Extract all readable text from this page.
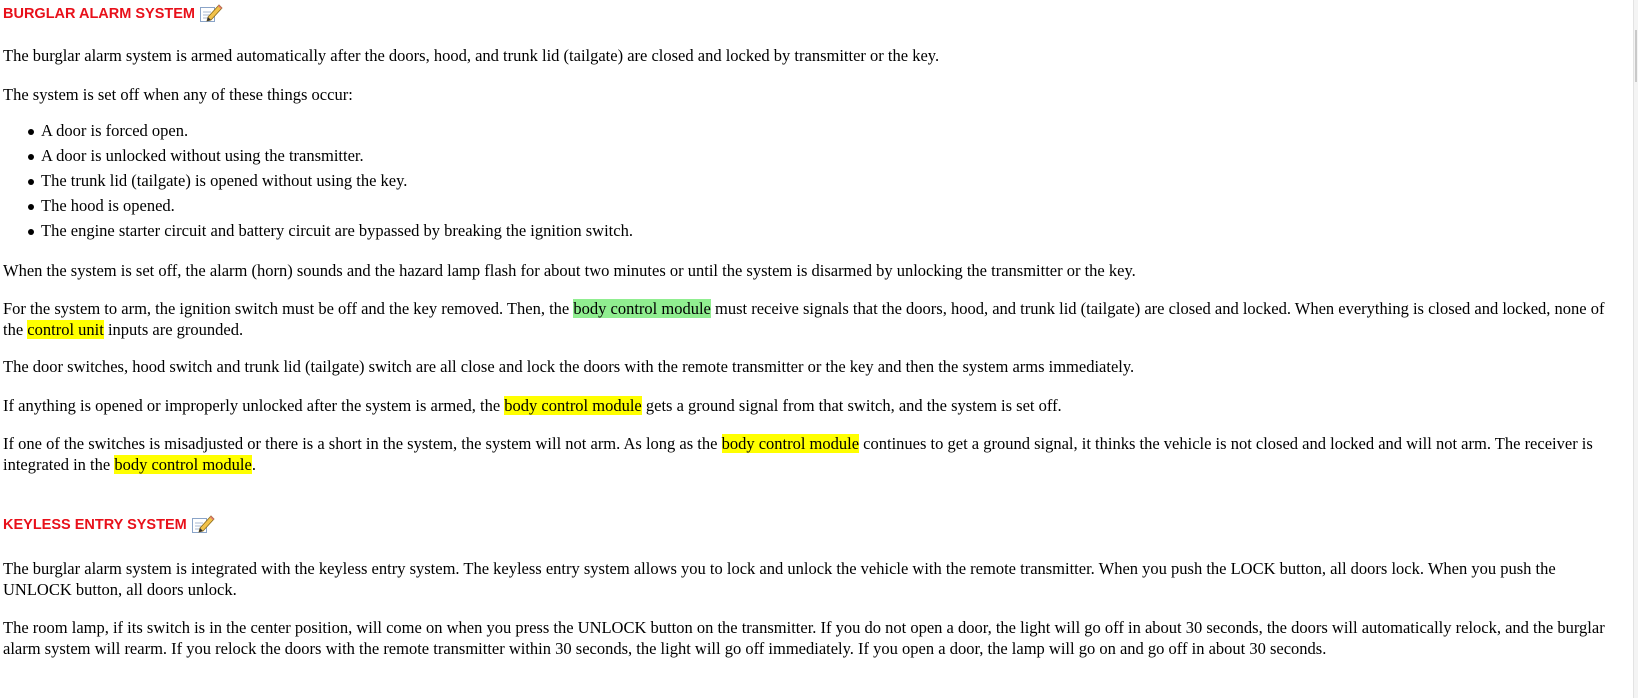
BURGLAR ALARM SYSTEM

The burglar alarm system is armed automatically after the doors, hood, and trunk lid (tailgate) are closed and locked by transmitter or the key.

The system is set off when any of these things occur:

A door is forced open.
A door is unlocked without using the transmitter.
The trunk lid (tailgate) is opened without using the key.
The hood is opened.
The engine starter circuit and battery circuit are bypassed by breaking the ignition switch.

When the system is set off, the alarm (horn) sounds and the hazard lamp flash for about two minutes or until the system is disarmed by unlocking the transmitter or the key.

For the system to arm, the ignition switch must be off and the key removed. Then, the body control module must receive signals that the doors, hood, and trunk lid (tailgate) are closed and locked. When everything is closed and locked, none of the control unit inputs are grounded.

The door switches, hood switch and trunk lid (tailgate) switch are all close and lock the doors with the remote transmitter or the key and then the system arms immediately.

If anything is opened or improperly unlocked after the system is armed, the body control module gets a ground signal from that switch, and the system is set off.

If one of the switches is misadjusted or there is a short in the system, the system will not arm. As long as the body control module continues to get a ground signal, it thinks the vehicle is not closed and locked and will not arm. The receiver is integrated in the body control module.

KEYLESS ENTRY SYSTEM

The burglar alarm system is integrated with the keyless entry system. The keyless entry system allows you to lock and unlock the vehicle with the remote transmitter. When you push the LOCK button, all doors lock. When you push the UNLOCK button, all doors unlock.

The room lamp, if its switch is in the center position, will come on when you press the UNLOCK button on the transmitter. If you do not open a door, the light will go off in about 30 seconds, the doors will automatically relock, and the burglar alarm system will rearm. If you relock the doors with the remote transmitter within 30 seconds, the light will go off immediately. If you open a door, the lamp will go on and go off in about 30 seconds.
